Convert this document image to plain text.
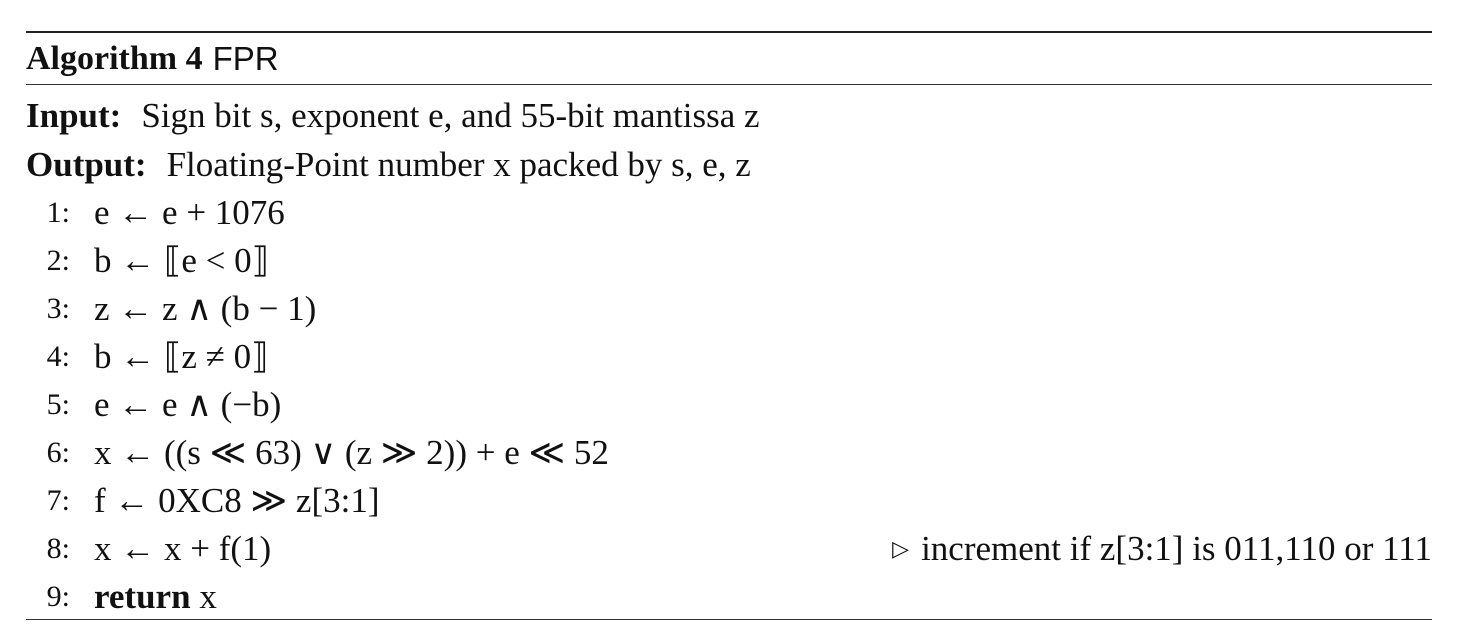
Algorithm 4 FPR
Input: Sign bit s, exponent e, and 55-bit mantissa z
Output: Floating-Point number x packed by s, e, z
1: e ← e + 1076
2: b ← ⟦e < 0⟧
3: z ← z ∧ (b − 1)
4: b ← ⟦z ≠ 0⟧
5: e ← e ∧ (−b)
6: x ← ((s ≪ 63) ∨ (z ≫ 2)) + e ≪ 52
7: f ← 0XC8 ≫ z[3:1]
8: x ← x + f(1)	▷ increment if z[3:1] is 011,110 or 111
9: return x
